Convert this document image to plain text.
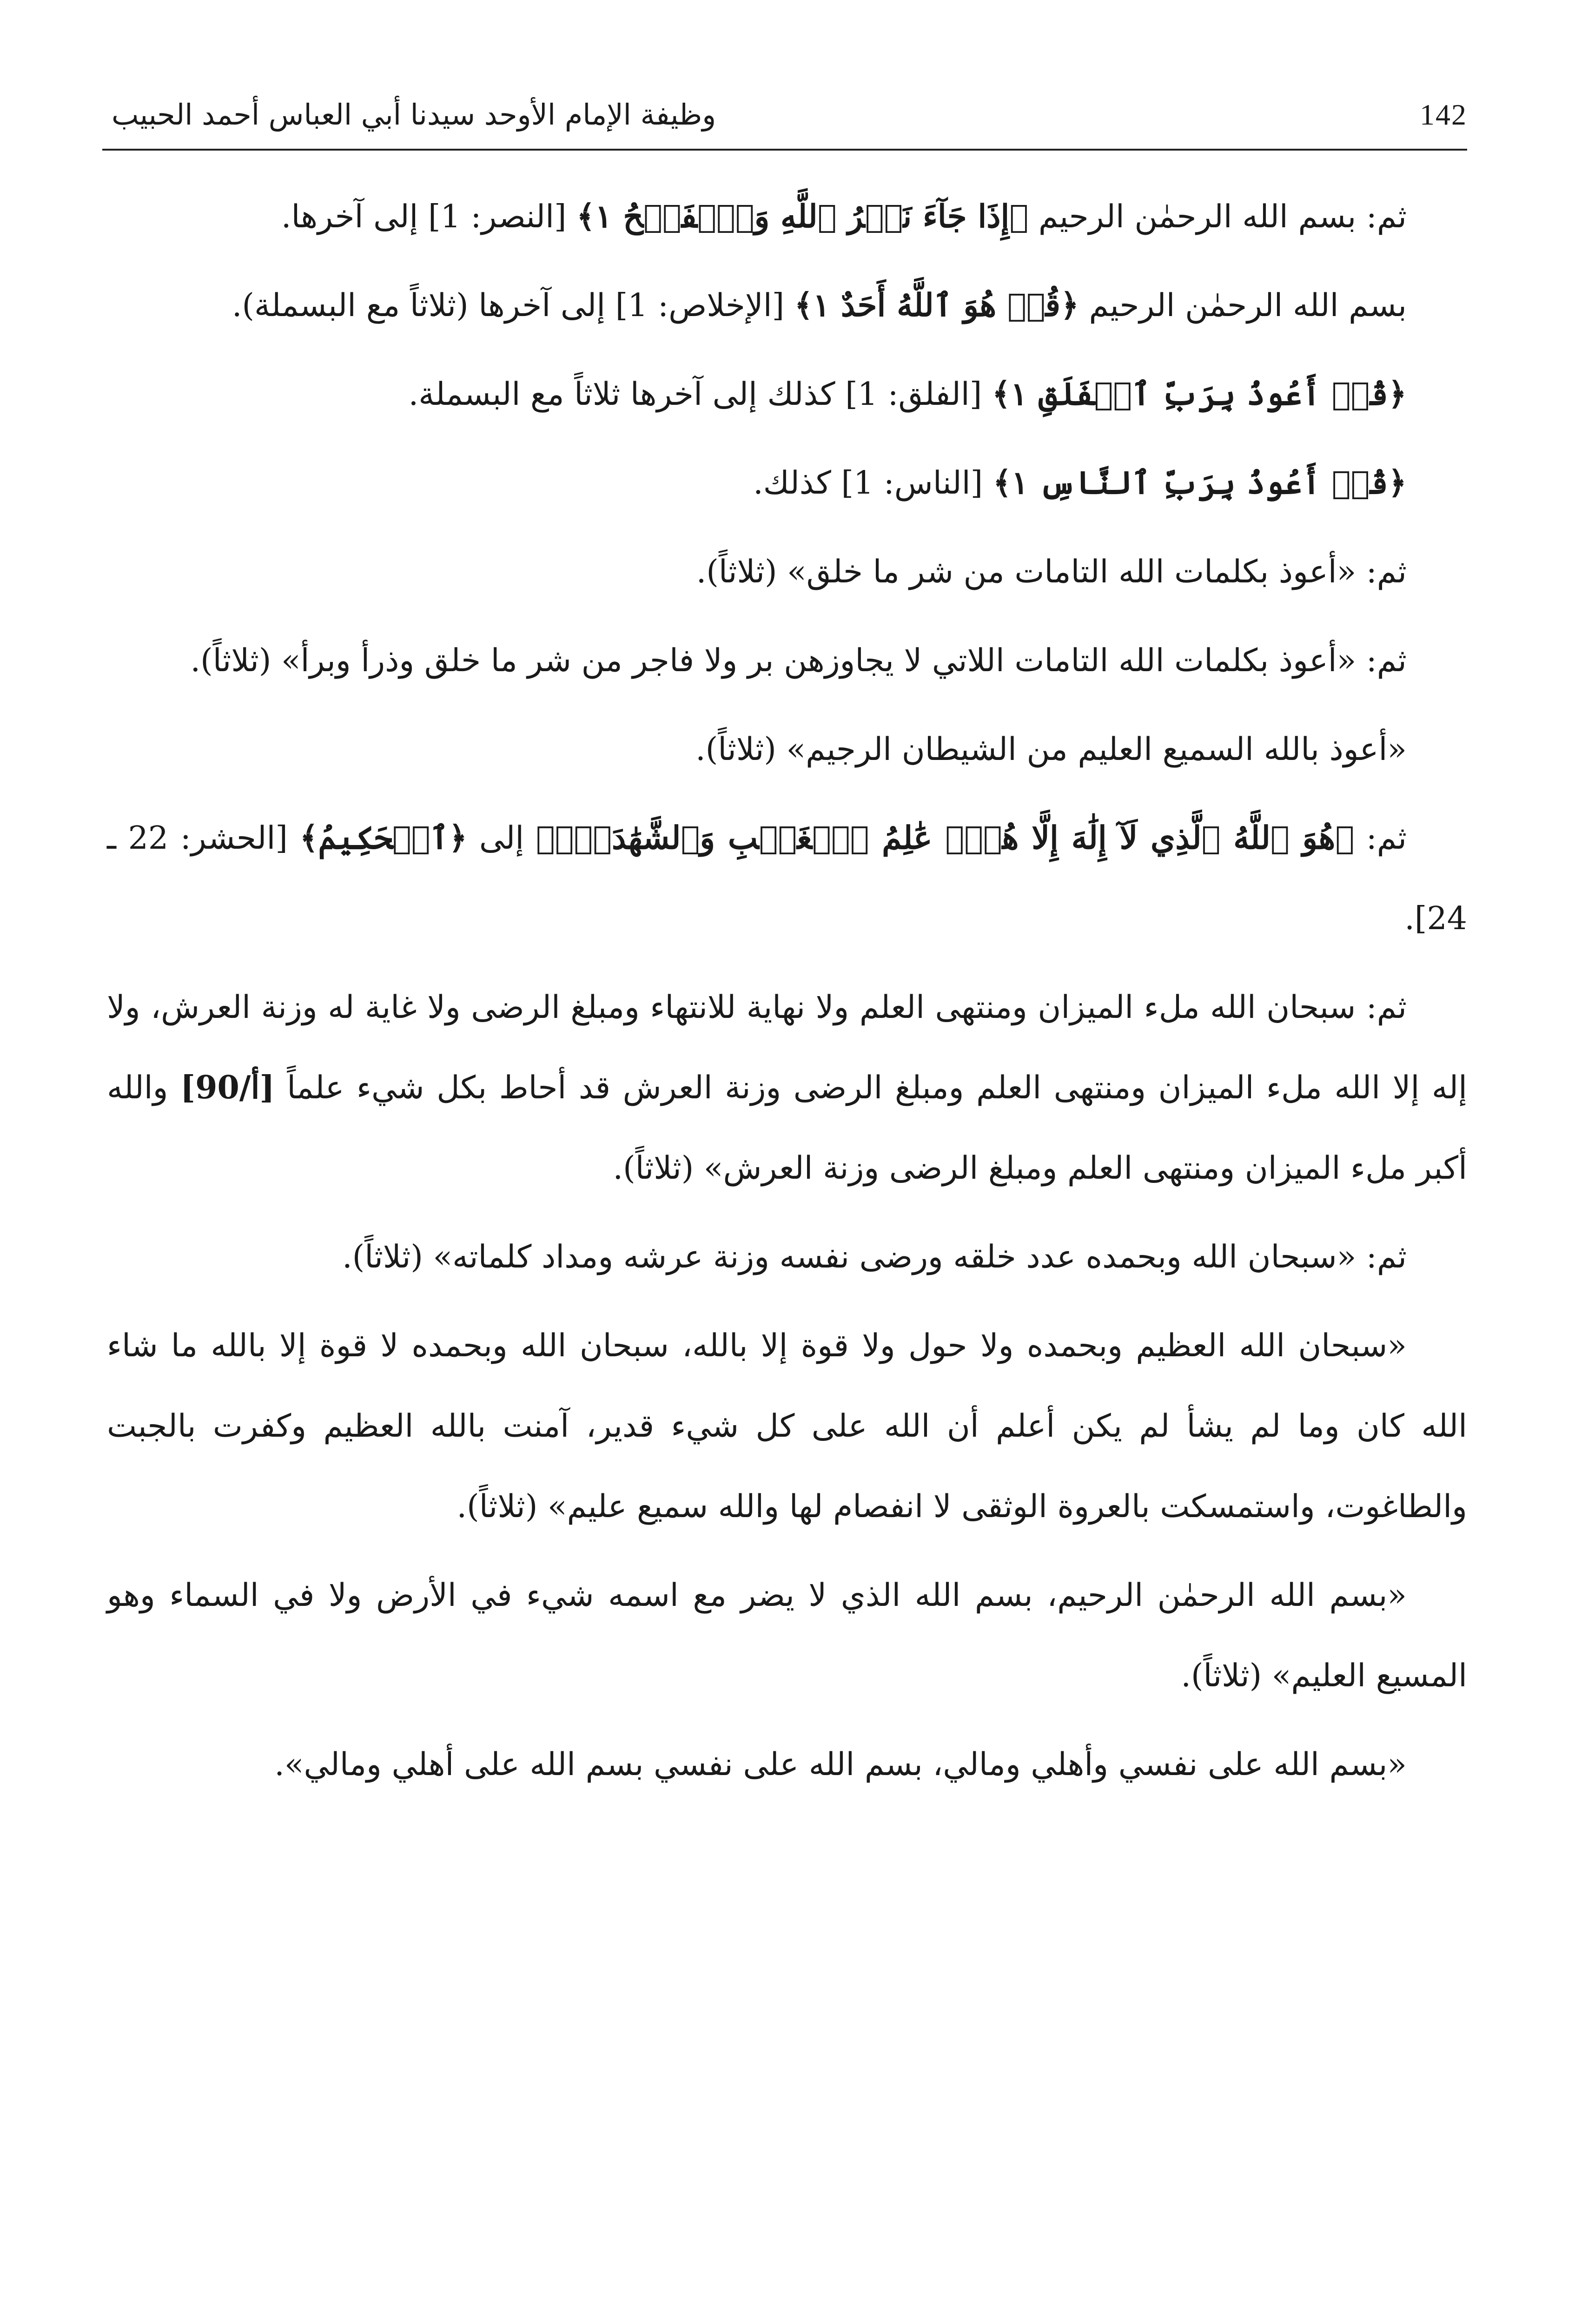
142
وظيفة الإمام الأوحد سيدنا أبي العباس أحمد الحبيب

ثم: بسم الله الرحمٰن الرحيم ﴿إِذَا جَآءَ نَصۡرُ ٱللَّهِ وَٱلۡفَتۡحُ ١﴾ [النصر: 1] إلى آخرها.

بسم الله الرحمٰن الرحيم ﴿قُلۡ هُوَ ٱللَّهُ أَحَدٌ ١﴾ [الإخلاص: 1] إلى آخرها (ثلاثاً مع البسملة).

﴿قُلۡ أَعُوذُ بِرَبِّ ٱلۡفَلَقِ ١﴾ [الفلق: 1] كذلك إلى آخرها ثلاثاً مع البسملة.

﴿قُلۡ أَعُوذُ بِرَبِّ ٱلنَّاسِ ١﴾ [الناس: 1] كذلك.

ثم: «أعوذ بكلمات الله التامات من شر ما خلق» (ثلاثاً).

ثم: «أعوذ بكلمات الله التامات اللاتي لا يجاوزهن بر ولا فاجر من شر ما خلق وذرأ وبرأ» (ثلاثاً).

«أعوذ بالله السميع العليم من الشيطان الرجيم» (ثلاثاً).

ثم: ﴿هُوَ ٱللَّهُ ٱلَّذِي لَآ إِلَٰهَ إِلَّا هُوَۖ عَٰلِمُ ٱلۡغَيۡبِ وَٱلشَّهَٰدَةِۖ﴾ إلى ﴿ٱلۡحَكِيمُ﴾ [الحشر: 22 ـ 24].

ثم: سبحان الله ملء الميزان ومنتهى العلم ولا نهاية للانتهاء ومبلغ الرضى ولا غاية له وزنة العرش، ولا إله إلا الله ملء الميزان ومنتهى العلم ومبلغ الرضى وزنة العرش قد أحاط بكل شيء علماً [90/أ] والله أكبر ملء الميزان ومنتهى العلم ومبلغ الرضى وزنة العرش» (ثلاثاً).

ثم: «سبحان الله وبحمده عدد خلقه ورضى نفسه وزنة عرشه ومداد كلماته» (ثلاثاً).

«سبحان الله العظيم وبحمده ولا حول ولا قوة إلا بالله، سبحان الله وبحمده لا قوة إلا بالله ما شاء الله كان وما لم يشأ لم يكن أعلم أن الله على كل شيء قدير، آمنت بالله العظيم وكفرت بالجبت والطاغوت، واستمسكت بالعروة الوثقى لا انفصام لها والله سميع عليم» (ثلاثاً).

«بسم الله الرحمٰن الرحيم، بسم الله الذي لا يضر مع اسمه شيء في الأرض ولا في السماء وهو المسيع العليم» (ثلاثاً).

«بسم الله على نفسي وأهلي ومالي، بسم الله على نفسي بسم الله على أهلي ومالي».
